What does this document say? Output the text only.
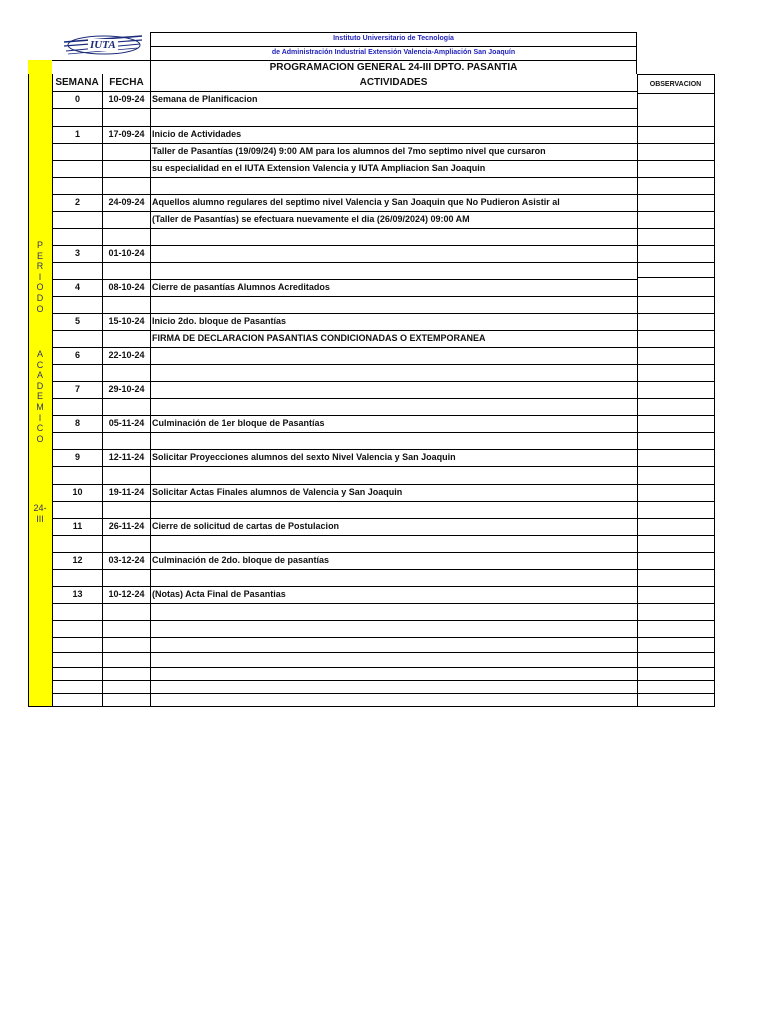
IUTA
Instituto Universitario de Tecnología
de Administración Industrial Extensión Valencia-Ampliación San Joaquín
PROGRAMACION GENERAL 24-III DPTO. PASANTIA
P
E
R
I
O
D
O
A
C
A
D
E
M
I
C
O
24-
III
SEMANA	FECHA	ACTIVIDADES	OBSERVACION
0	10-09-24 Semana de Planificacion
1	17-09-24 Inicio de Actividades
Taller de Pasantías (19/09/24) 9:00 AM para los alumnos del 7mo septimo nivel que cursaron
su especialidad en el IUTA Extension Valencia y IUTA Ampliacion San Joaquin
2	24-09-24 Aquellos alumno regulares del septimo nivel Valencia y San Joaquin que No Pudieron Asistir al
(Taller de Pasantías) se efectuara nuevamente el dia (26/09/2024) 09:00 AM
3	01-10-24
4	08-10-24 Cierre de pasantías Alumnos Acreditados
5	15-10-24 Inicio 2do. bloque de Pasantías
FIRMA DE DECLARACION PASANTIAS CONDICIONADAS O EXTEMPORANEA
6	22-10-24
7	29-10-24
8	05-11-24 Culminación de 1er bloque de Pasantías
9	12-11-24 Solicitar Proyecciones alumnos del sexto Nivel Valencia y San Joaquin
10	19-11-24 Solicitar Actas Finales alumnos de Valencia y San Joaquin
11	26-11-24 Cierre de solicitud de cartas de Postulacion
12	03-12-24 Culminación de 2do. bloque de pasantías
13	10-12-24 (Notas) Acta Final de Pasantias
